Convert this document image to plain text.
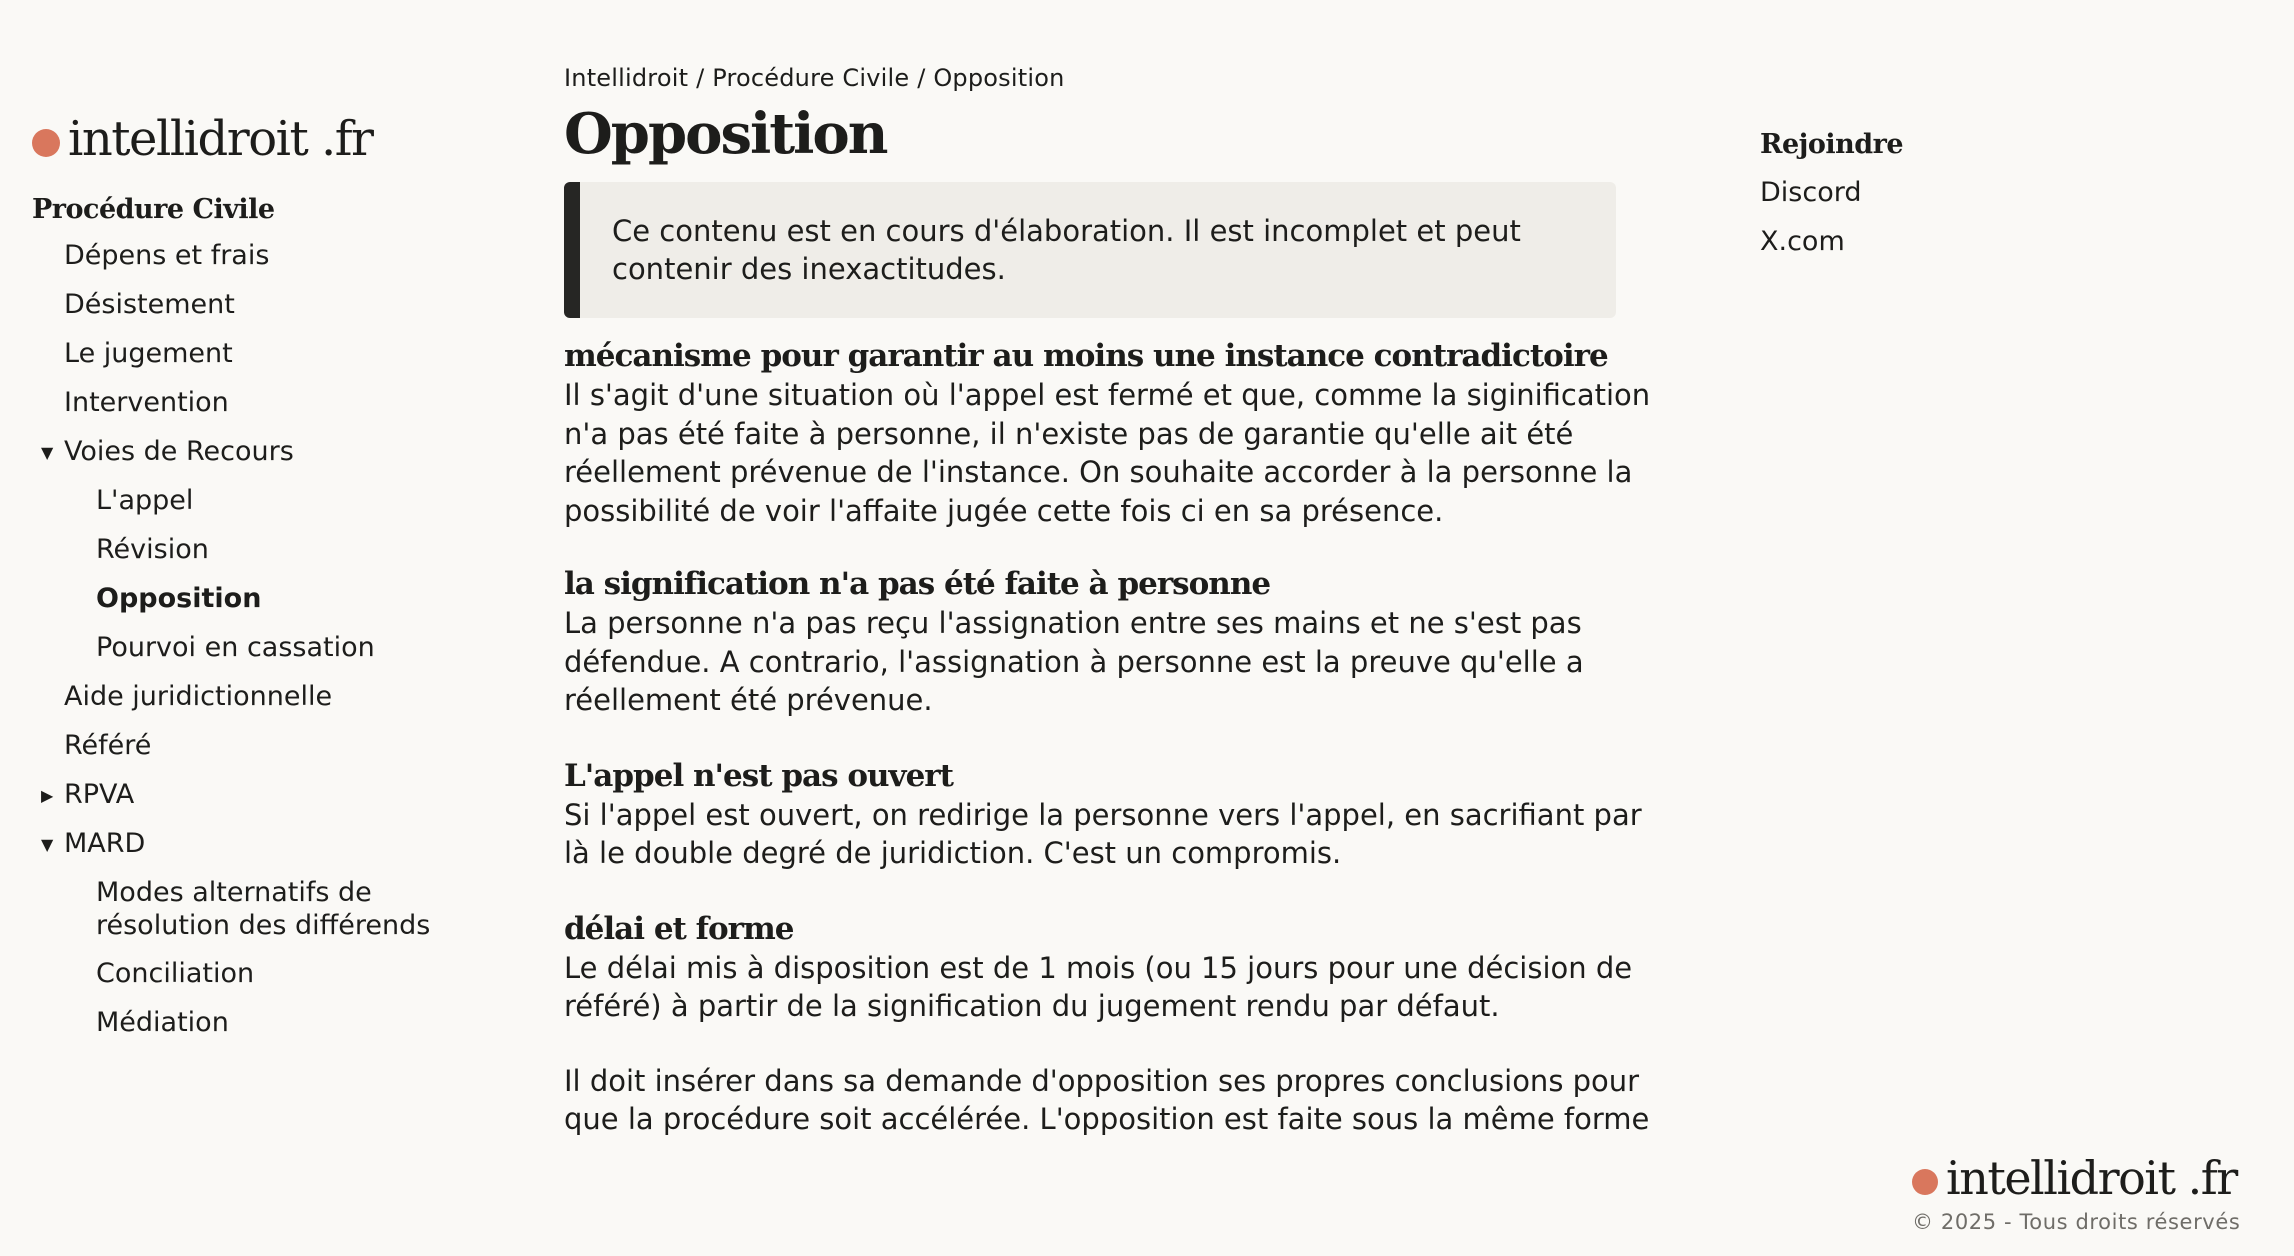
intellidroit .fr
Procédure Civile
Dépens et frais
Désistement
Le jugement
Intervention
▼ Voies de Recours
L'appel
Révision
Opposition
Pourvoi en cassation
Aide juridictionnelle
Référé
▶ RPVA
▼ MARD
Modes alternatifs de
résolution des différends
Conciliation
Médiation
Intellidroit / Procédure Civile / Opposition
Opposition
Ce contenu est en cours d'élaboration. Il est incomplet et peut contenir des inexactitudes.
mécanisme pour garantir au moins une instance contradictoire

Il s'agit d'une situation où l'appel est fermé et que, comme la siginification n'a pas été faite à personne, il n'existe pas de garantie qu'elle ait été réellement prévenue de l'instance. On souhaite accorder à la personne la possibilité de voir l'affaite jugée cette fois ci en sa présence.

la signification n'a pas été faite à personne

La personne n'a pas reçu l'assignation entre ses mains et ne s'est pas défendue. A contrario, l'assignation à personne est la preuve qu'elle a réellement été prévenue.

L'appel n'est pas ouvert

Si l'appel est ouvert, on redirige la personne vers l'appel, en sacrifiant par là le double degré de juridiction. C'est un compromis.

délai et forme

Le délai mis à disposition est de 1 mois (ou 15 jours pour une décision de référé) à partir de la signification du jugement rendu par défaut.

Il doit insérer dans sa demande d'opposition ses propres conclusions pour que la procédure soit accélérée. L'opposition est faite sous la même forme

Rejoindre
Discord
X.com
intellidroit .fr
© 2025 - Tous droits réservés
